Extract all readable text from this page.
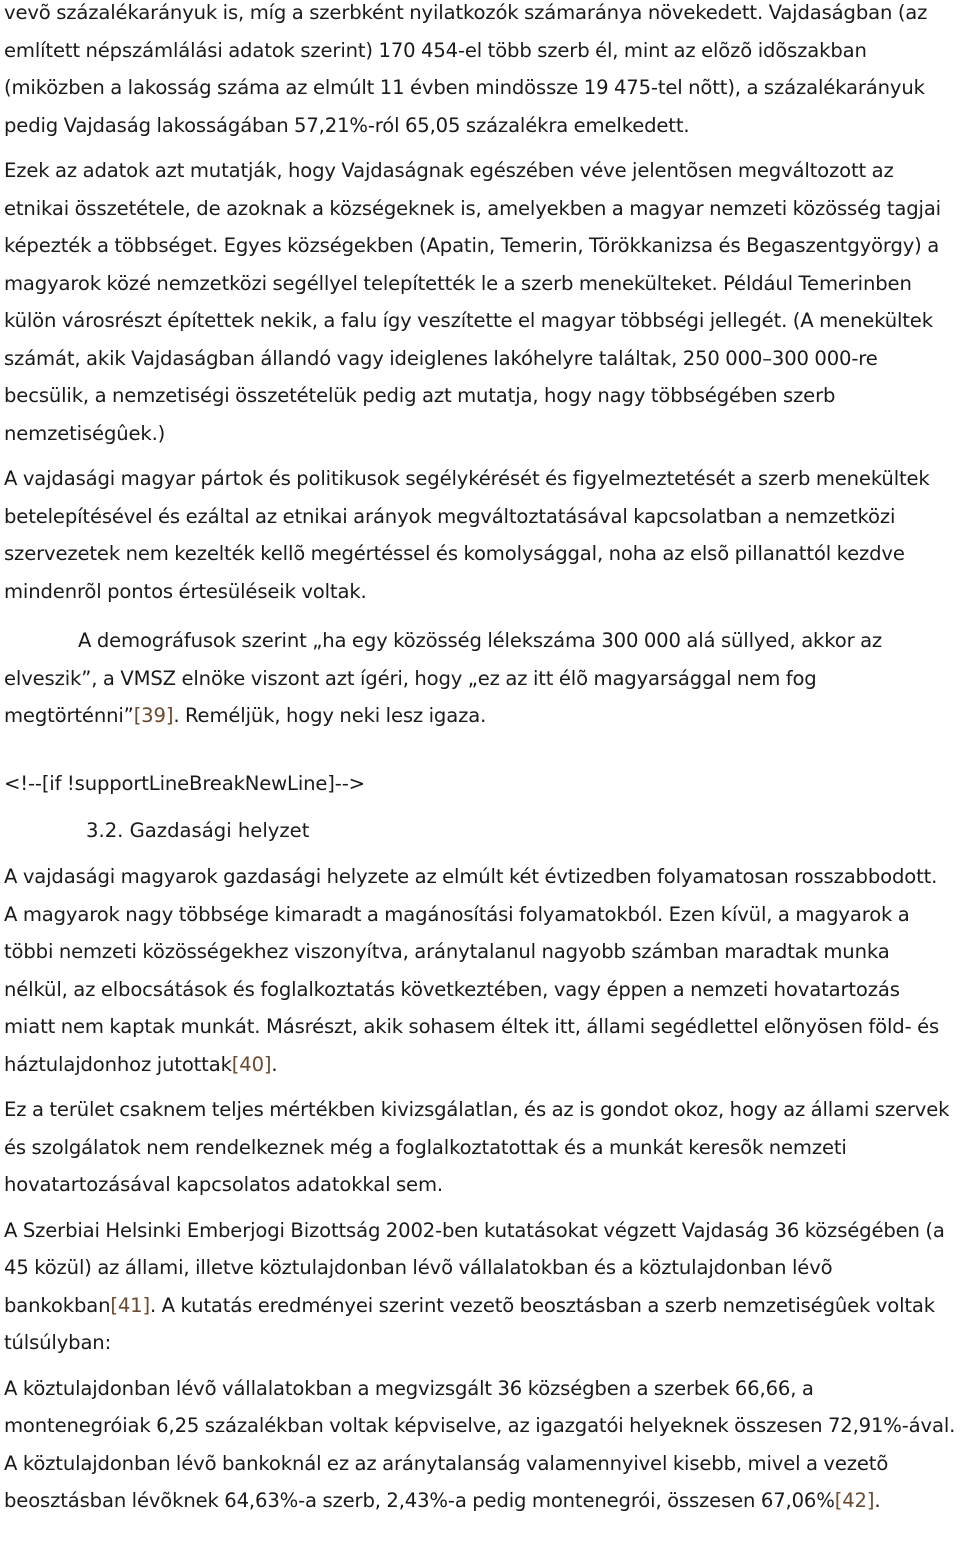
vevõ százalékarányuk is, míg a szerbként nyilatkozók számaránya növekedett. Vajdaságban (az említett népszámlálási adatok szerint) 170 454-el több szerb él, mint az elõzõ idõszakban (miközben a lakosság száma az elmúlt 11 évben mindössze 19 475-tel nõtt), a százalékarányuk pedig Vajdaság lakosságában 57,21%-ról 65,05 százalékra emelkedett.

Ezek az adatok azt mutatják, hogy Vajdaságnak egészében véve jelentõsen megváltozott az etnikai összetétele, de azoknak a községeknek is, amelyekben a magyar nemzeti közösség tagjai képezték a többséget. Egyes községekben (Apatin, Temerin, Törökkanizsa és Begaszentgyörgy) a magyarok közé nemzetközi segéllyel telepítették le a szerb menekülteket. Például Temerinben külön városrészt építettek nekik, a falu így veszítette el magyar többségi jellegét. (A menekültek számát, akik Vajdaságban állandó vagy ideiglenes lakóhelyre találtak, 250 000–300 000-re becsülik, a nemzetiségi összetételük pedig azt mutatja, hogy nagy többségében szerb nemzetiségûek.)

A vajdasági magyar pártok és politikusok segélykérését és figyelmeztetését a szerb menekültek betelepítésével és ezáltal az etnikai arányok megváltoztatásával kapcsolatban a nemzetközi szervezetek nem kezelték kellõ megértéssel és komolysággal, noha az elsõ pillanattól kezdve mindenrõl pontos értesüléseik voltak.

A demográfusok szerint „ha egy közösség lélekszáma 300 000 alá süllyed, akkor az elveszik”, a VMSZ elnöke viszont azt ígéri, hogy „ez az itt élõ magyarsággal nem fog megtörténni”[39]. Reméljük, hogy neki lesz igaza.

<!--[if !supportLineBreakNewLine]-->

3.2. Gazdasági helyzet

A vajdasági magyarok gazdasági helyzete az elmúlt két évtizedben folyamatosan rosszabbodott. A magyarok nagy többsége kimaradt a magánosítási folyamatokból. Ezen kívül, a magyarok a többi nemzeti közösségekhez viszonyítva, aránytalanul nagyobb számban maradtak munka nélkül, az elbocsátások és foglalkoztatás következtében, vagy éppen a nemzeti hovatartozás miatt nem kaptak munkát. Másrészt, akik sohasem éltek itt, állami segédlettel elõnyösen föld- és háztulajdonhoz jutottak[40].

Ez a terület csaknem teljes mértékben kivizsgálatlan, és az is gondot okoz, hogy az állami szervek és szolgálatok nem rendelkeznek még a foglalkoztatottak és a munkát keresõk nemzeti hovatartozásával kapcsolatos adatokkal sem.

A Szerbiai Helsinki Emberjogi Bizottság 2002-ben kutatásokat végzett Vajdaság 36 községében (a 45 közül) az állami, illetve köztulajdonban lévõ vállalatokban és a köztulajdonban lévõ bankokban[41]. A kutatás eredményei szerint vezetõ beosztásban a szerb nemzetiségûek voltak túlsúlyban:

A köztulajdonban lévõ vállalatokban a megvizsgált 36 községben a szerbek 66,66, a montenegróiak 6,25 százalékban voltak képviselve, az igazgatói helyeknek összesen 72,91%-ával. A köztulajdonban lévõ bankoknál ez az aránytalanság valamennyivel kisebb, mivel a vezetõ beosztásban lévõknek 64,63%-a szerb, 2,43%-a pedig montenegrói, összesen 67,06%[42].
